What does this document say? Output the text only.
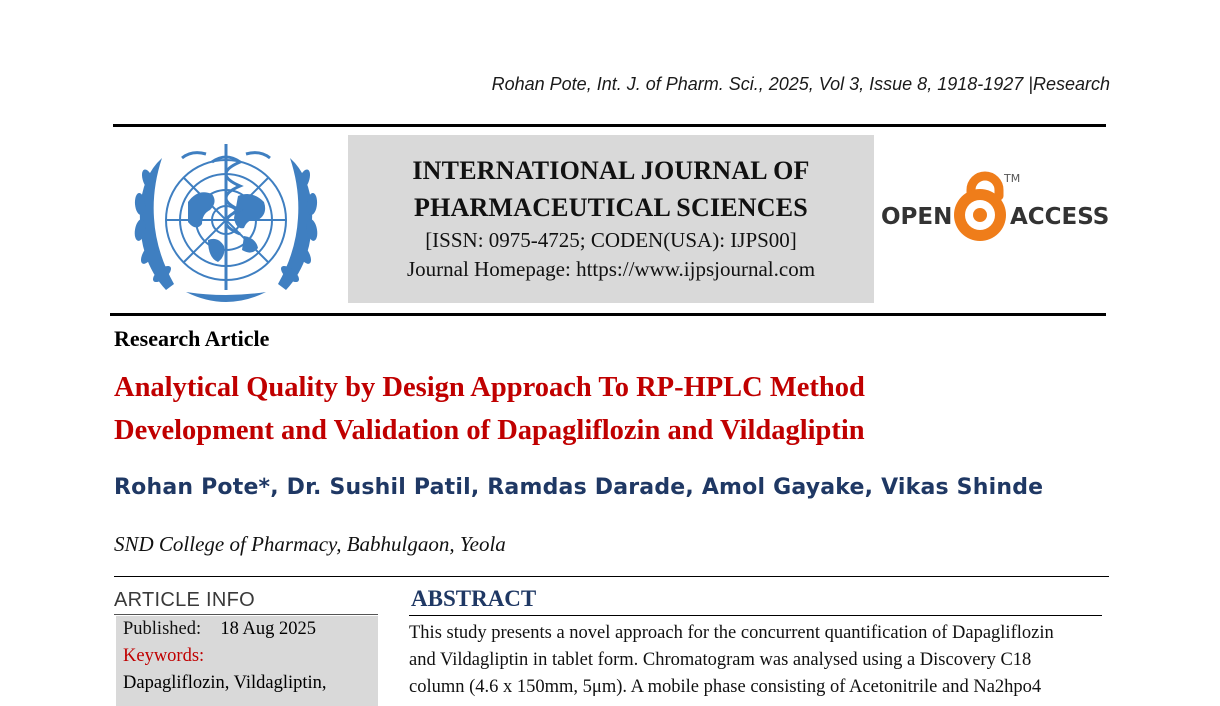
Rohan Pote, Int. J. of Pharm. Sci., 2025, Vol 3, Issue 8, 1918-1927 |Research
INTERNATIONAL JOURNAL OF
PHARMACEUTICAL SCIENCES
[ISSN: 0975-4725; CODEN(USA): IJPS00]
Journal Homepage: https://www.ijpsjournal.com
OPEN
TM
ACCESS
Research Article
Analytical Quality by Design Approach To RP-HPLC Method
Development and Validation of Dapagliflozin and Vildagliptin
Rohan Pote*, Dr. Sushil Patil, Ramdas Darade, Amol Gayake, Vikas Shinde
SND College of Pharmacy, Babhulgaon, Yeola
ARTICLE INFO
Published: 18 Aug 2025
Keywords:
Dapagliflozin, Vildagliptin,
ABSTRACT
This study presents a novel approach for the concurrent quantification of Dapagliflozin
and Vildagliptin in tablet form. Chromatogram was analysed using a Discovery C18
column (4.6 x 150mm, 5μm). A mobile phase consisting of Acetonitrile and Na2hpo4
